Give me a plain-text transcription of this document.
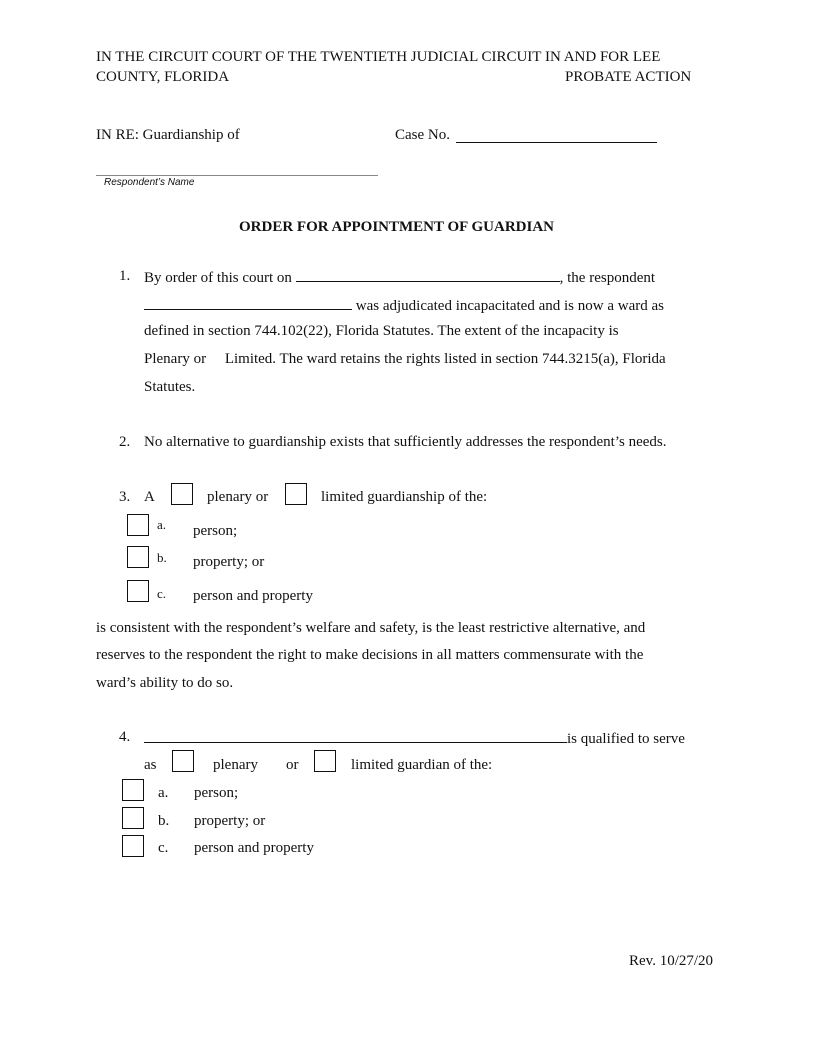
IN THE CIRCUIT COURT OF THE TWENTIETH JUDICIAL CIRCUIT IN AND FOR LEE
COUNTY, FLORIDA	PROBATE ACTION
IN RE: Guardianship of	Case No.
Respondent’s Name
ORDER FOR APPOINTMENT OF GUARDIAN
1. By order of this court on	, the respondent
was adjudicated incapacitated and is now a ward as
defined in section 744.102(22), Florida Statutes. The extent of the incapacity is
Plenary or     Limited. The ward retains the rights listed in section 744.3215(a), Florida
Statutes.
2. No alternative to guardianship exists that sufficiently addresses the respondent’s needs.
3. A	plenary or	limited guardianship of the:
a. person;
b. property; or
c. person and property
is consistent with the respondent’s welfare and safety, is the least restrictive alternative, and
reserves to the respondent the right to make decisions in all matters commensurate with the
ward’s ability to do so.
4.	is qualified to serve
as	plenary or	limited guardian of the:
a. person;
b. property; or
c. person and property
Rev. 10/27/20
